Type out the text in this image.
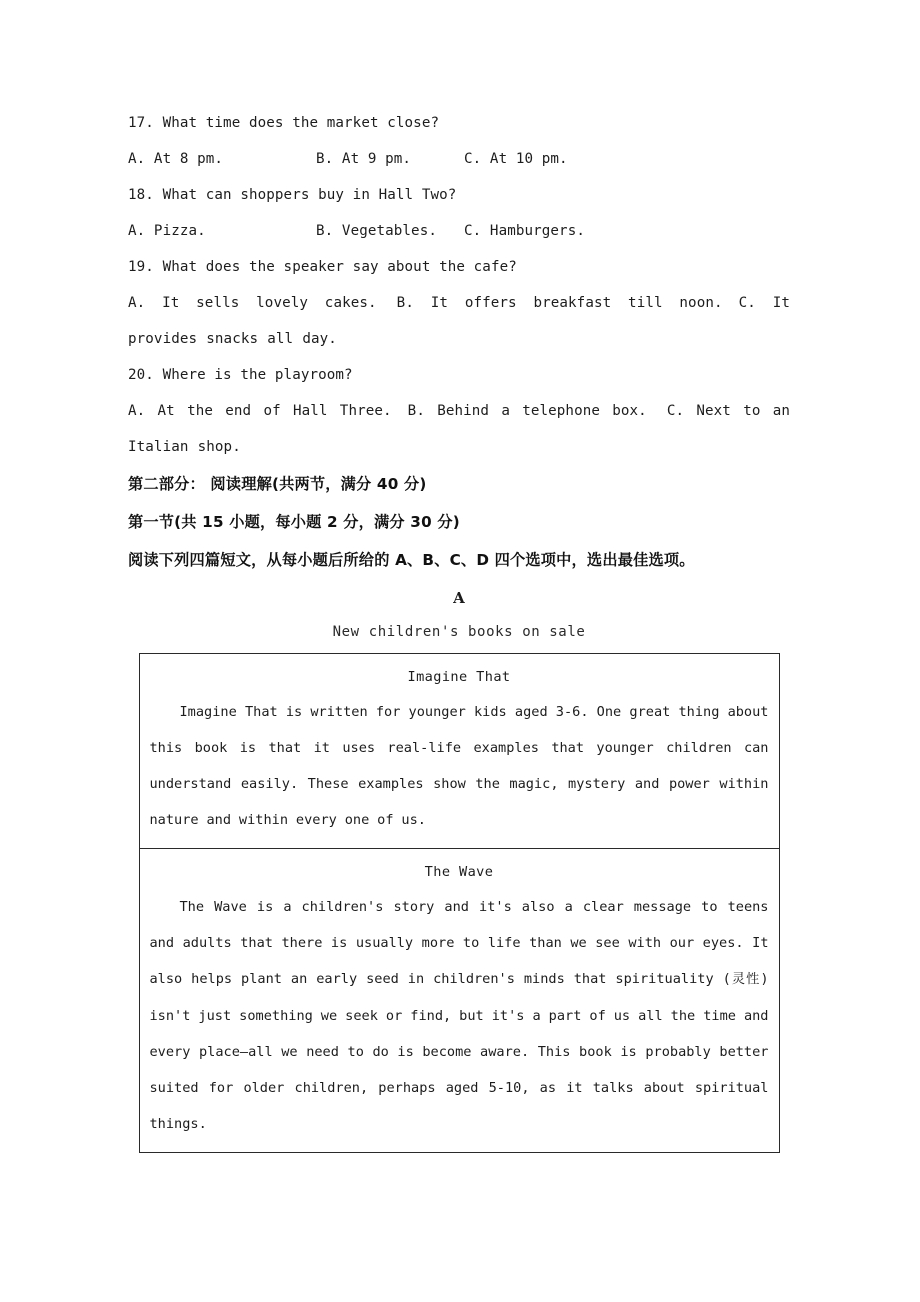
17. What time does the market close?
A. At 8 pm.	B. At 9 pm.	C. At 10 pm.
18. What can shoppers buy in Hall Two?
A. Pizza.	B. Vegetables. C. Hamburgers.
19. What does the speaker say about the cafe?
A. It sells lovely cakes. B. It offers breakfast till noon. C. It provides snacks all day.
20. Where is the playroom?
A. At the end of Hall Three. B. Behind a telephone box. C. Next to an Italian shop.
第二部分： 阅读理解(共两节，满分 40 分)
第一节(共 15 小题，每小题 2 分，满分 30 分)
阅读下列四篇短文，从每小题后所给的 A、B、C、D 四个选项中，选出最佳选项。
A
New children's books on sale
Imagine That
Imagine That is written for younger kids aged 3-6. One great thing about this book is that it uses real-life examples that younger children can understand easily. These examples show the magic, mystery and power within nature and within every one of us.

The Wave
The Wave is a children's story and it's also a clear message to teens and adults that there is usually more to life than we see with our eyes. It also helps plant an early seed in children's minds that spirituality (灵性) isn't just something we seek or find, but it's a part of us all the time and every place—all we need to do is become aware. This book is probably better suited for older children, perhaps aged 5-10, as it talks about spiritual things.
